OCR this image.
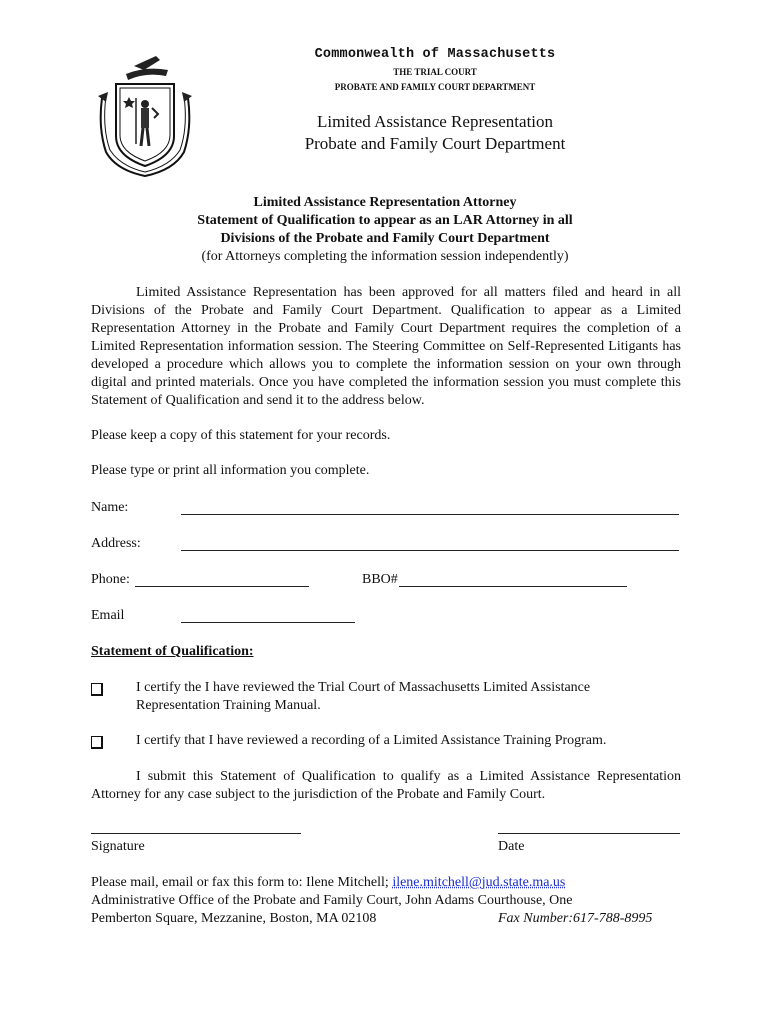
Commonwealth of Massachusetts
THE TRIAL COURT
PROBATE AND FAMILY COURT DEPARTMENT
Limited Assistance Representation
Probate and Family Court Department
Limited Assistance Representation Attorney
Statement of Qualification to appear as an LAR Attorney in all
Divisions of the Probate and Family Court Department
(for Attorneys completing the information session independently)
Limited Assistance Representation has been approved for all matters filed and heard in all Divisions of the Probate and Family Court Department. Qualification to appear as a Limited Representation Attorney in the Probate and Family Court Department requires the completion of a Limited Representation information session. The Steering Committee on Self-Represented Litigants has developed a procedure which allows you to complete the information session on your own through digital and printed materials. Once you have completed the information session you must complete this Statement of Qualification and send it to the address below.
Please keep a copy of this statement for your records.
Please type or print all information you complete.
Name:
Address:
Phone:	BBO#
Email
Statement of Qualification:
I certify the I have reviewed the Trial Court of Massachusetts Limited Assistance Representation Training Manual.
I certify that I have reviewed a recording of a Limited Assistance Training Program.
I submit this Statement of Qualification to qualify as a Limited Assistance Representation Attorney for any case subject to the jurisdiction of the Probate and Family Court.
Signature	Date
Please mail, email or fax this form to: Ilene Mitchell; ilene.mitchell@jud.state.ma.us
Administrative Office of the Probate and Family Court, John Adams Courthouse, One
Pemberton Square, Mezzanine, Boston, MA 02108	Fax Number:617-788-8995
